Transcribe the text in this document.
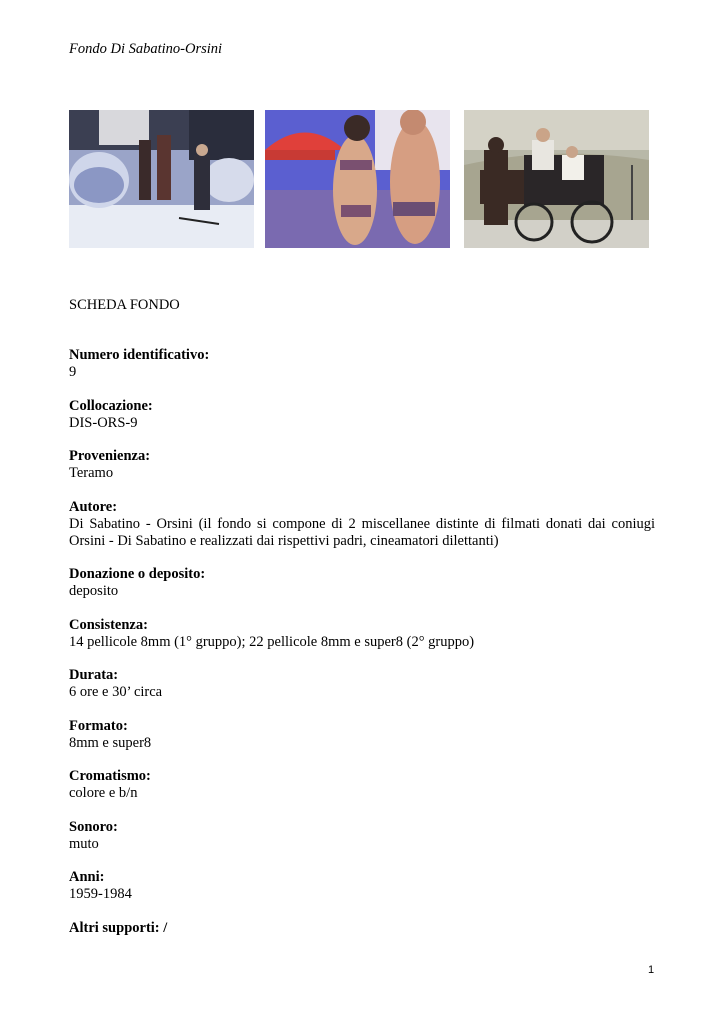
Fondo Di Sabatino-Orsini
SCHEDA FONDO
Numero identificativo:
9
Collocazione:
DIS-ORS-9
Provenienza:
Teramo
Autore:
Di Sabatino - Orsini (il fondo si compone di 2 miscellanee distinte di filmati donati dai coniugi Orsini - Di Sabatino e realizzati dai rispettivi padri, cineamatori dilettanti)
Donazione o deposito:
deposito
Consistenza:
14 pellicole 8mm (1° gruppo); 22 pellicole 8mm e super8 (2° gruppo)
Durata:
6 ore e 30’ circa
Formato:
8mm e super8
Cromatismo:
colore e b/n
Sonoro:
muto
Anni:
1959-1984
Altri supporti: /
1
